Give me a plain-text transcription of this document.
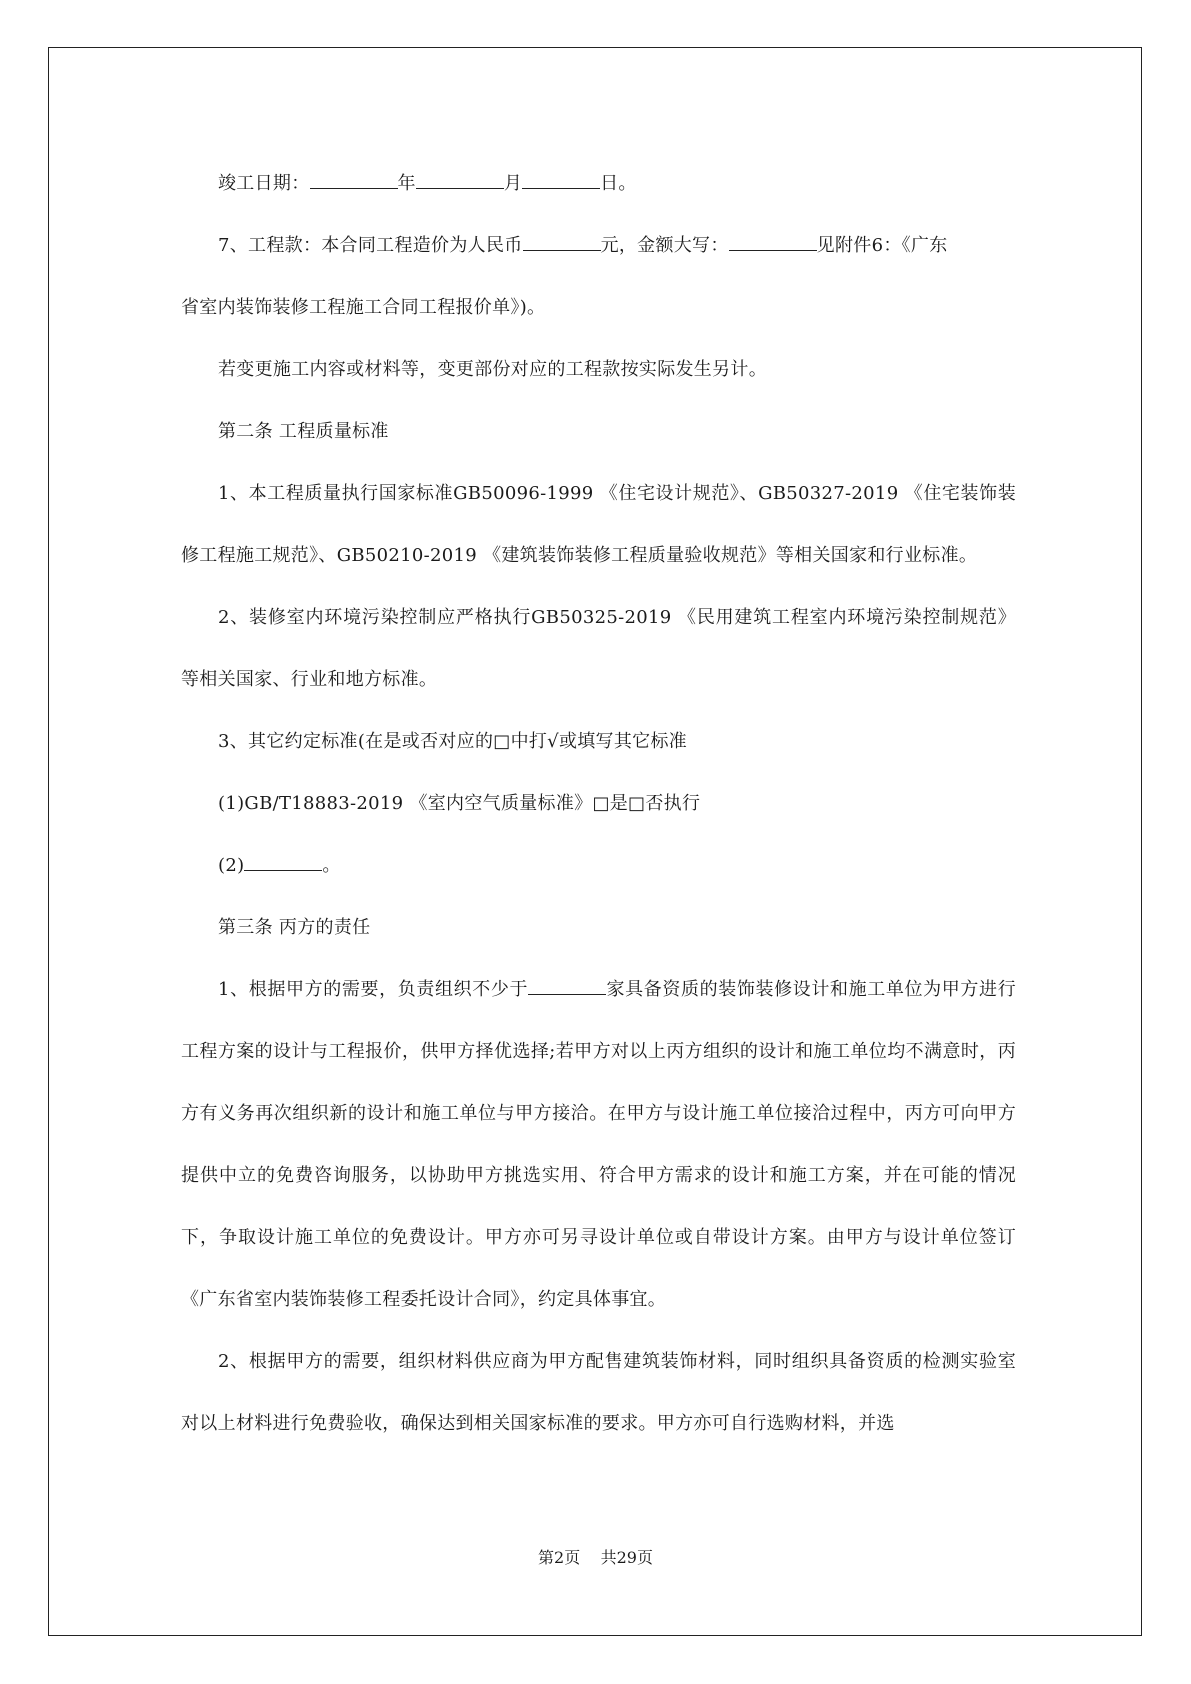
竣工日期：	年	月	日。

7、工程款：本合同工程造价为人民币	元，金额大写：	见附件6：《广东

省室内装饰装修工程施工合同工程报价单》)。

若变更施工内容或材料等，变更部份对应的工程款按实际发生另计。

第二条 工程质量标准

1、本工程质量执行国家标准GB50096-1999 《住宅设计规范》、GB50327-2019 《住宅装饰装修工程施工规范》、GB50210-2019 《建筑装饰装修工程质量验收规范》等相关国家和行业标准。

2、装修室内环境污染控制应严格执行GB50325-2019 《民用建筑工程室内环境污染控制规范》等相关国家、行业和地方标准。

3、其它约定标准(在是或否对应的□中打√或填写其它标准

(1)GB/T18883-2019 《室内空气质量标准》□是□否执行

(2)	。

第三条 丙方的责任

1、根据甲方的需要，负责组织不少于	家具备资质的装饰装修设计和施工单位为甲方进行工程方案的设计与工程报价，供甲方择优选择;若甲方对以上丙方组织的设计和施工单位均不满意时，丙方有义务再次组织新的设计和施工单位与甲方接洽。在甲方与设计施工单位接洽过程中，丙方可向甲方提供中立的免费咨询服务，以协助甲方挑选实用、符合甲方需求的设计和施工方案，并在可能的情况下，争取设计施工单位的免费设计。甲方亦可另寻设计单位或自带设计方案。由甲方与设计单位签订《广东省室内装饰装修工程委托设计合同》，约定具体事宜。

2、根据甲方的需要，组织材料供应商为甲方配售建筑装饰材料，同时组织具备资质的检测实验室对以上材料进行免费验收，确保达到相关国家标准的要求。甲方亦可自行选购材料，并选

第2页 共29页
